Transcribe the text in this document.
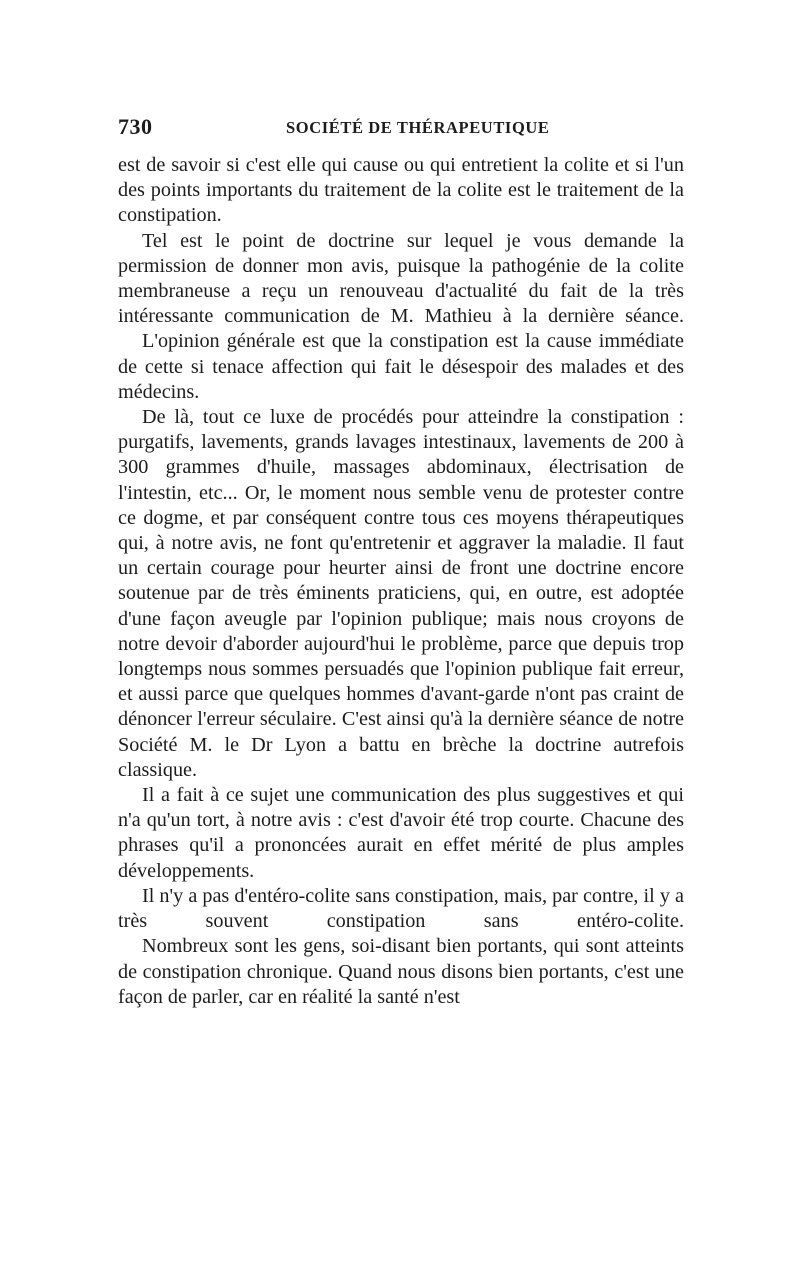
730	SOCIÉTÉ DE THÉRAPEUTIQUE

est de savoir si c'est elle qui cause ou qui entretient la colite et si l'un des points importants du traitement de la colite est le traitement de la constipation.

Tel est le point de doctrine sur lequel je vous demande la permission de donner mon avis, puisque la pathogénie de la colite membraneuse a reçu un renouveau d'actualité du fait de la très intéressante communication de M. Mathieu à la dernière séance.

L'opinion générale est que la constipation est la cause immédiate de cette si tenace affection qui fait le désespoir des malades et des médecins.

De là, tout ce luxe de procédés pour atteindre la constipation : purgatifs, lavements, grands lavages intestinaux, lavements de 200 à 300 grammes d'huile, massages abdominaux, électrisation de l'intestin, etc... Or, le moment nous semble venu de protester contre ce dogme, et par conséquent contre tous ces moyens thérapeutiques qui, à notre avis, ne font qu'entretenir et aggraver la maladie. Il faut un certain courage pour heurter ainsi de front une doctrine encore soutenue par de très éminents praticiens, qui, en outre, est adoptée d'une façon aveugle par l'opinion publique; mais nous croyons de notre devoir d'aborder aujourd'hui le problème, parce que depuis trop longtemps nous sommes persuadés que l'opinion publique fait erreur, et aussi parce que quelques hommes d'avant-garde n'ont pas craint de dénoncer l'erreur séculaire. C'est ainsi qu'à la dernière séance de notre Société M. le Dr Lyon a battu en brèche la doctrine autrefois classique.

Il a fait à ce sujet une communication des plus suggestives et qui n'a qu'un tort, à notre avis : c'est d'avoir été trop courte. Chacune des phrases qu'il a prononcées aurait en effet mérité de plus amples développements.

Il n'y a pas d'entéro-colite sans constipation, mais, par contre, il y a très souvent constipation sans entéro-colite.

Nombreux sont les gens, soi-disant bien portants, qui sont atteints de constipation chronique. Quand nous disons bien portants, c'est une façon de parler, car en réalité la santé n'est
